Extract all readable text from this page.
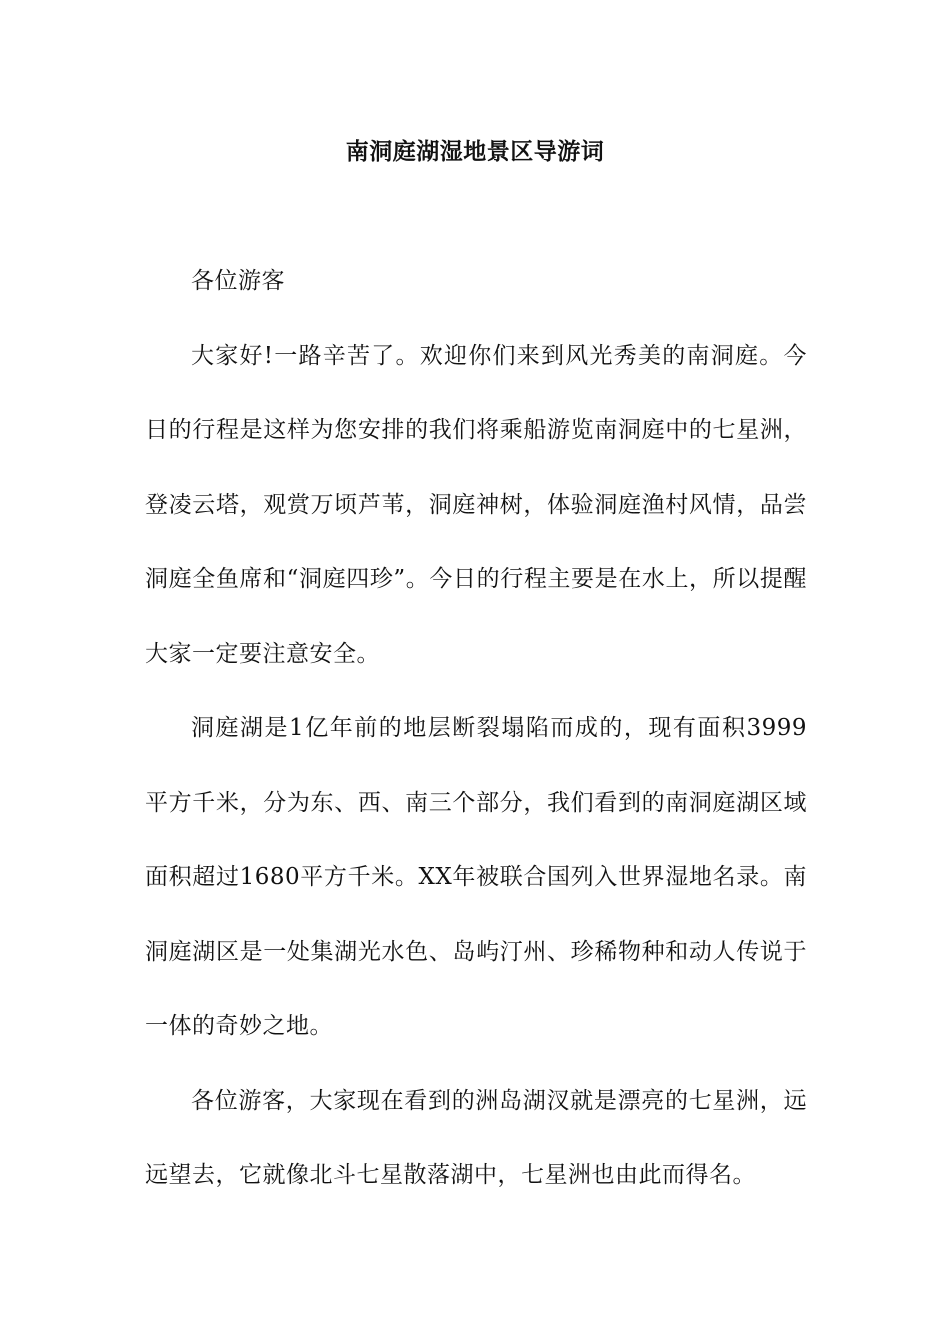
南洞庭湖湿地景区导游词

各位游客

大家好!一路辛苦了。欢迎你们来到风光秀美的南洞庭。今日的行程是这样为您安排的我们将乘船游览南洞庭中的七星洲，登凌云塔，观赏万顷芦苇，洞庭神树，体验洞庭渔村风情，品尝洞庭全鱼席和“洞庭四珍”。今日的行程主要是在水上，所以提醒大家一定要注意安全。

洞庭湖是1亿年前的地层断裂塌陷而成的，现有面积3999平方千米，分为东、西、南三个部分，我们看到的南洞庭湖区域面积超过1680平方千米。XX年被联合国列入世界湿地名录。南洞庭湖区是一处集湖光水色、岛屿汀州、珍稀物种和动人传说于一体的奇妙之地。

各位游客，大家现在看到的洲岛湖汊就是漂亮的七星洲，远远望去，它就像北斗七星散落湖中，七星洲也由此而得名。
